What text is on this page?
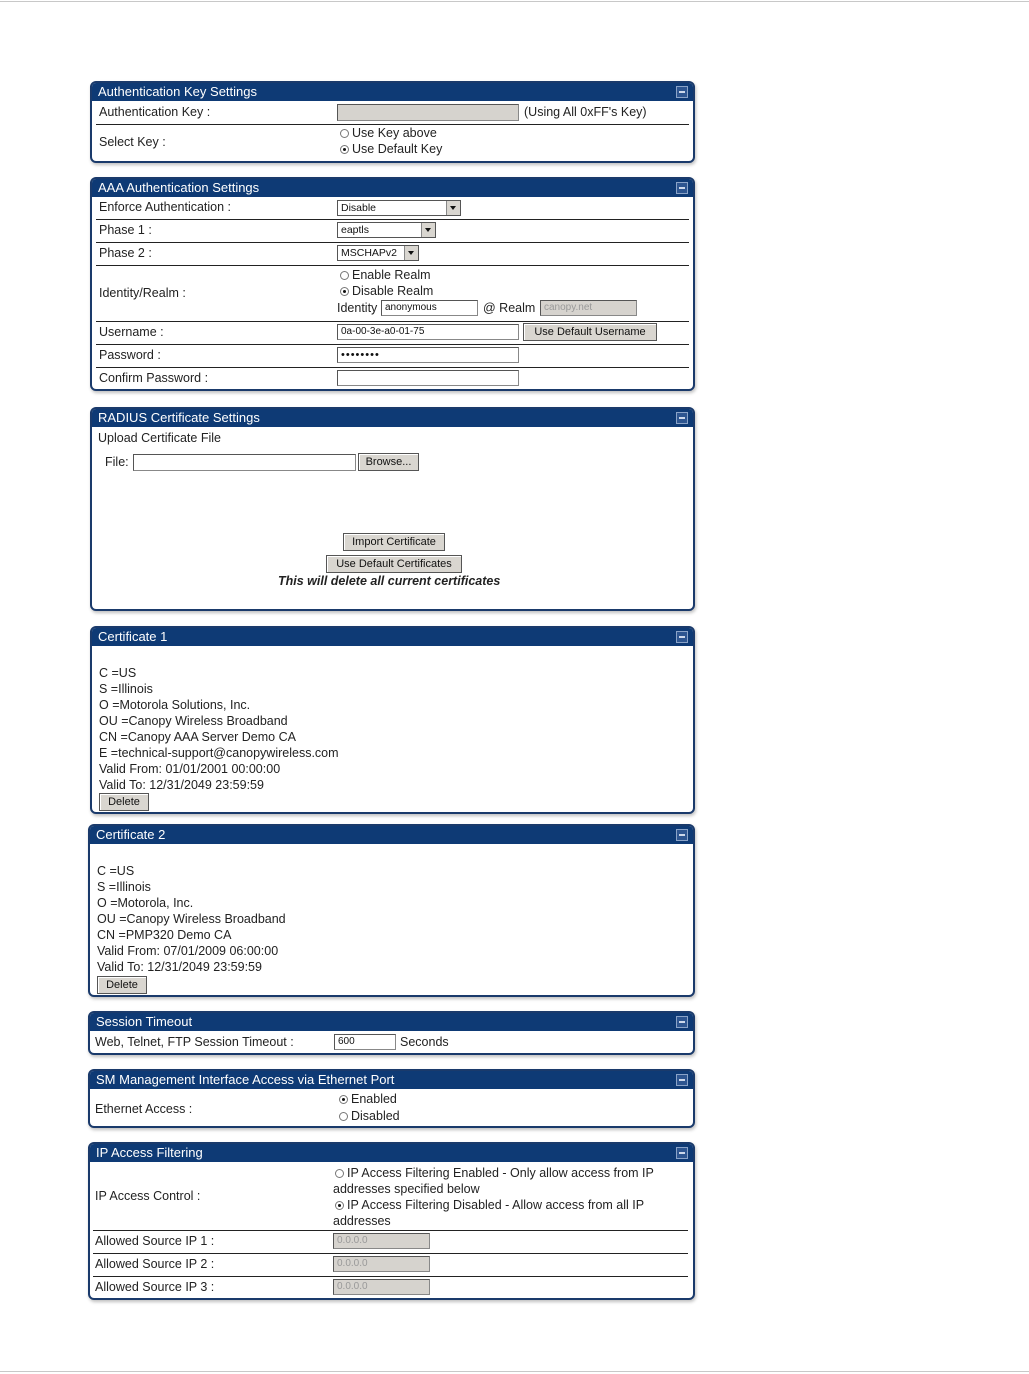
Authentication Key Settings
Authentication Key :	(Using All 0xFF's Key)
Select Key :
Use Key above
Use Default Key
AAA Authentication Settings
Enforce Authentication :	Disable
Phase 1 :	eaptls
Phase 2 :	MSCHAPv2
Identity/Realm :
Enable Realm
Disable Realm
Identity anonymous	@ Realm canopy.net
Username :	0a-00-3e-a0-01-75	Use Default Username
Password :	••••••••
Confirm Password :
RADIUS Certificate Settings
Upload Certificate File
File:	Browse...
Import Certificate
Use Default Certificates
This will delete all current certificates
Certificate 1
C =US
S =Illinois
O =Motorola Solutions, Inc.
OU =Canopy Wireless Broadband
CN =Canopy AAA Server Demo CA
E =technical-support@canopywireless.com
Valid From: 01/01/2001 00:00:00
Valid To: 12/31/2049 23:59:59
Delete
Certificate 2
C =US
S =Illinois
O =Motorola, Inc.
OU =Canopy Wireless Broadband
CN =PMP320 Demo CA
Valid From: 07/01/2009 06:00:00
Valid To: 12/31/2049 23:59:59
Delete
Session Timeout
Web, Telnet, FTP Session Timeout :	600	Seconds
SM Management Interface Access via Ethernet Port
Ethernet Access :
Enabled
Disabled
IP Access Filtering
IP Access Control :
IP Access Filtering Enabled - Only allow access from IP
addresses specified below
IP Access Filtering Disabled - Allow access from all IP
addresses
Allowed Source IP 1 :	0.0.0.0
Allowed Source IP 2 :	0.0.0.0
Allowed Source IP 3 :	0.0.0.0
